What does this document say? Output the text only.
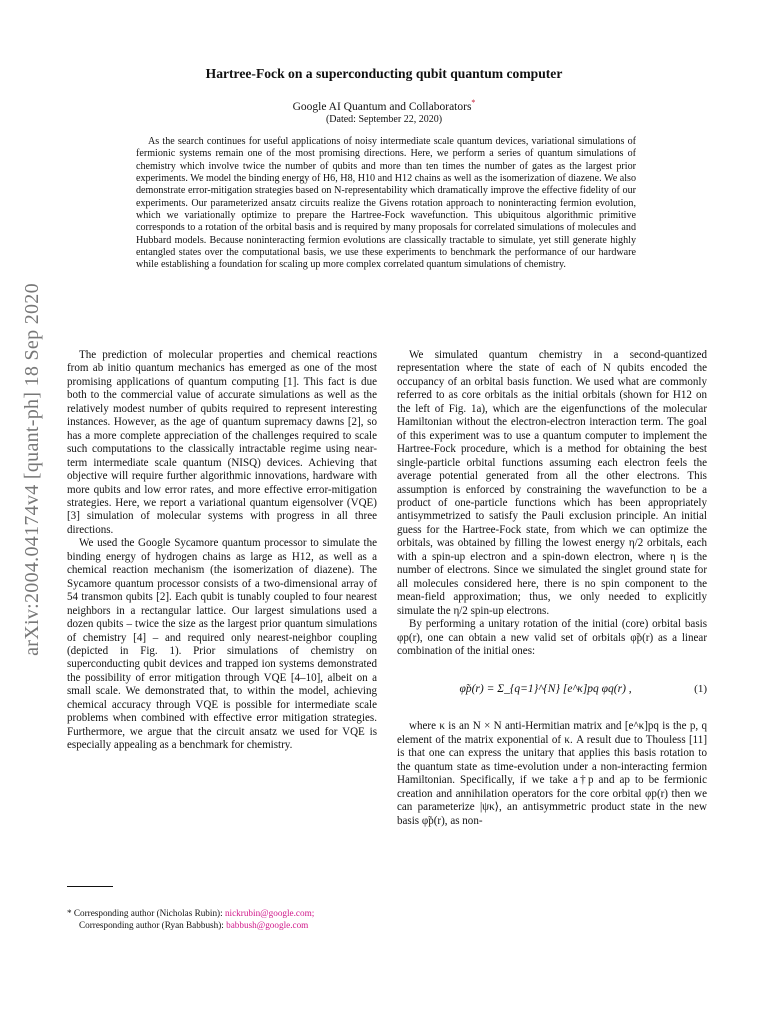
arXiv:2004.04174v4 [quant-ph] 18 Sep 2020
Hartree-Fock on a superconducting qubit quantum computer
Google AI Quantum and Collaborators*
(Dated: September 22, 2020)
As the search continues for useful applications of noisy intermediate scale quantum devices, variational simulations of fermionic systems remain one of the most promising directions. Here, we perform a series of quantum simulations of chemistry which involve twice the number of qubits and more than ten times the number of gates as the largest prior experiments. We model the binding energy of H6, H8, H10 and H12 chains as well as the isomerization of diazene. We also demonstrate error-mitigation strategies based on N-representability which dramatically improve the effective fidelity of our experiments. Our parameterized ansatz circuits realize the Givens rotation approach to noninteracting fermion evolution, which we variationally optimize to prepare the Hartree-Fock wavefunction. This ubiquitous algorithmic primitive corresponds to a rotation of the orbital basis and is required by many proposals for correlated simulations of molecules and Hubbard models. Because noninteracting fermion evolutions are classically tractable to simulate, yet still generate highly entangled states over the computational basis, we use these experiments to benchmark the performance of our hardware while establishing a foundation for scaling up more complex correlated quantum simulations of chemistry.

The prediction of molecular properties and chemical reactions from ab initio quantum mechanics has emerged as one of the most promising applications of quantum computing [1]. This fact is due both to the commercial value of accurate simulations as well as the relatively modest number of qubits required to represent interesting instances. However, as the age of quantum supremacy dawns [2], so has a more complete appreciation of the challenges required to scale such computations to the classically intractable regime using near-term intermediate scale quantum (NISQ) devices. Achieving that objective will require further algorithmic innovations, hardware with more qubits and low error rates, and more effective error-mitigation strategies. Here, we report a variational quantum eigensolver (VQE) [3] simulation of molecular systems with progress in all three directions.

We used the Google Sycamore quantum processor to simulate the binding energy of hydrogen chains as large as H12, as well as a chemical reaction mechanism (the isomerization of diazene). The Sycamore quantum processor consists of a two-dimensional array of 54 transmon qubits [2]. Each qubit is tunably coupled to four nearest neighbors in a rectangular lattice. Our largest simulations used a dozen qubits – twice the size as the largest prior quantum simulations of chemistry [4] – and required only nearest-neighbor coupling (depicted in Fig. 1). Prior simulations of chemistry on superconducting qubit devices and trapped ion systems demonstrated the possibility of error mitigation through VQE [4–10], albeit on a small scale. We demonstrated that, to within the model, achieving chemical accuracy through VQE is possible for intermediate scale problems when combined with effective error mitigation strategies. Furthermore, we argue that the circuit ansatz we used for VQE is especially appealing as a benchmark for chemistry.

We simulated quantum chemistry in a second-quantized representation where the state of each of N qubits encoded the occupancy of an orbital basis function. We used what are commonly referred to as core orbitals as the initial orbitals (shown for H12 on the left of Fig. 1a), which are the eigenfunctions of the molecular Hamiltonian without the electron-electron interaction term. The goal of this experiment was to use a quantum computer to implement the Hartree-Fock procedure, which is a method for obtaining the best single-particle orbital functions assuming each electron feels the average potential generated from all the other electrons. This assumption is enforced by constraining the wavefunction to be a product of one-particle functions which has been appropriately antisymmetrized to satisfy the Pauli exclusion principle. An initial guess for the Hartree-Fock state, from which we can optimize the orbitals, was obtained by filling the lowest energy η/2 orbitals, each with a spin-up electron and a spin-down electron, where η is the number of electrons. Since we simulated the singlet ground state for all molecules considered here, there is no spin component to the mean-field approximation; thus, we only needed to explicitly simulate the η/2 spin-up electrons.

By performing a unitary rotation of the initial (core) orbital basis φp(r), one can obtain a new valid set of orbitals φ̃p(r) as a linear combination of the initial ones:

φ̃p(r) = Σ_{q=1}^{N} [e^κ]pq φq(r) ,	(1)

where κ is an N × N anti-Hermitian matrix and [e^κ]pq is the p, q element of the matrix exponential of κ. A result due to Thouless [11] is that one can express the unitary that applies this basis rotation to the quantum state as time-evolution under a non-interacting fermion Hamiltonian. Specifically, if we take a†p and ap to be fermionic creation and annihilation operators for the core orbital φp(r) then we can parameterize |ψκ⟩, an antisymmetric product state in the new basis φ̃p(r), as non-

* Corresponding author (Nicholas Rubin): nickrubin@google.com;
Corresponding author (Ryan Babbush): babbush@google.com
